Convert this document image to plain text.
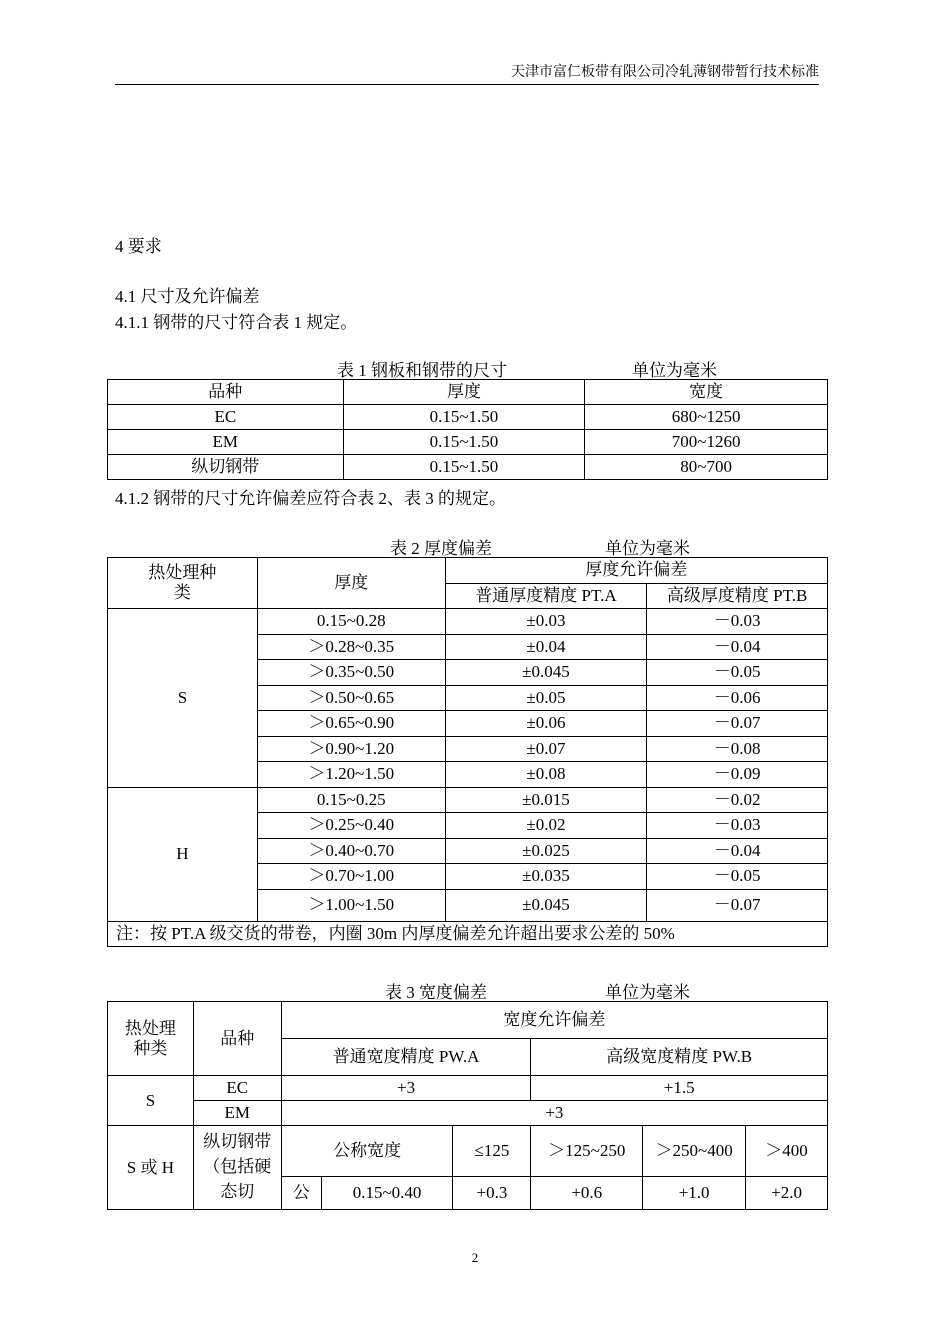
天津市富仁板带有限公司冷轧薄钢带暂行技术标准
4 要求
4.1 尺寸及允许偏差
4.1.1 钢带的尺寸符合表 1 规定。
表 1 钢板和钢带的尺寸	单位为毫米
品种	厚度	宽度
EC	0.15~1.50	680~1250
EM	0.15~1.50	700~1260
纵切钢带	0.15~1.50	80~700
4.1.2 钢带的尺寸允许偏差应符合表 2、表 3 的规定。
表 2 厚度偏差	单位为毫米
热处理种类	厚度	厚度允许偏差	
		普通厚度精度 PT.A	高级厚度精度 PT.B
S	0.15~0.28	±0.03	－0.03
	＞0.28~0.35	±0.04	－0.04
	＞0.35~0.50	±0.045	－0.05
	＞0.50~0.65	±0.05	－0.06
	＞0.65~0.90	±0.06	－0.07
	＞0.90~1.20	±0.07	－0.08
	＞1.20~1.50	±0.08	－0.09
H	0.15~0.25	±0.015	－0.02
	＞0.25~0.40	±0.02	－0.03
	＞0.40~0.70	±0.025	－0.04
	＞0.70~1.00	±0.035	－0.05
	＞1.00~1.50	±0.045	－0.07
注：按 PT.A 级交货的带卷，内圈 30m 内厚度偏差允许超出要求公差的 50%			
表 3 宽度偏差	单位为毫米
热处理种类	品种	宽度允许偏差					
		普通宽度精度 PW.A			高级宽度精度 PW.B		
S	EC	+3			+1.5		
	EM	+3					
S 或 H	纵切钢带（包括硬态切	公称宽度		≤125	＞125~250	＞250~400	＞400
		公	0.15~0.40	+0.3	+0.6	+1.0	+2.0
2
